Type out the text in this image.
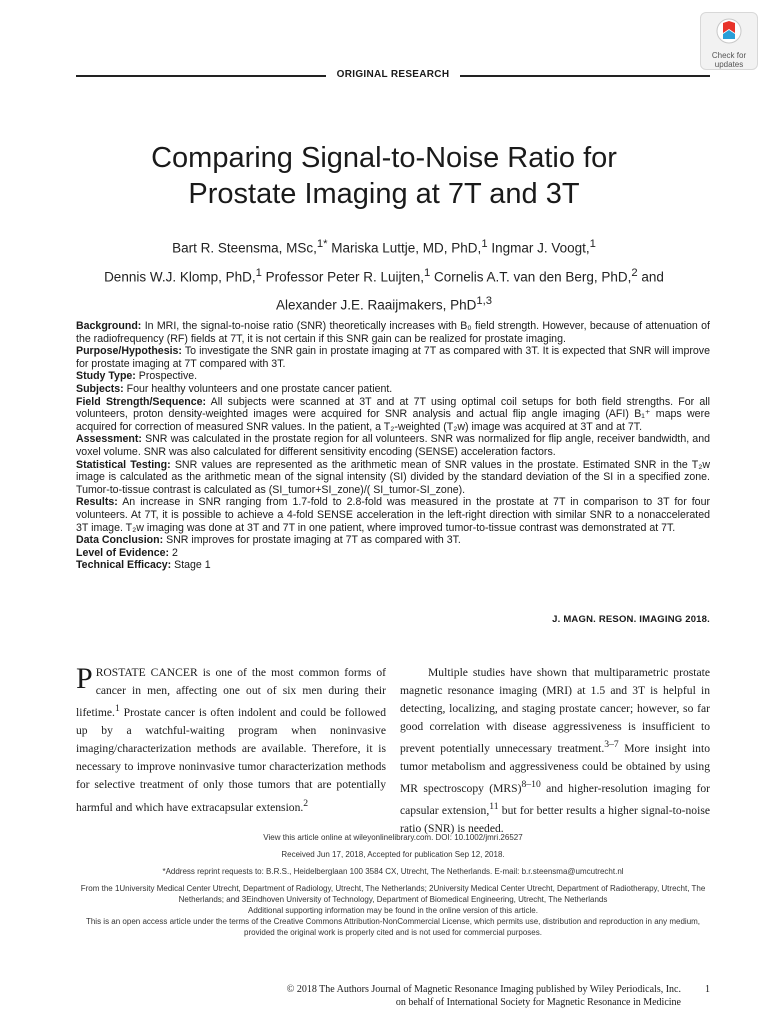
Check for updates
ORIGINAL RESEARCH
Comparing Signal-to-Noise Ratio for
Prostate Imaging at 7T and 3T
Bart R. Steensma, MSc,$^{1*}$ Mariska Luttje, MD, PhD,$^1$ Ingmar J. Voogt,$^1$
Dennis W.J. Klomp, PhD,$^1$ Professor Peter R. Luijten,$^1$ Cornelis A.T. van den Berg, PhD,$^2$ and
Alexander J.E. Raaijmakers, PhD$^{1,3}$

Background: In MRI, the signal-to-noise ratio (SNR) theoretically increases with B₀ field strength. However, because of attenuation of the radiofrequency (RF) fields at 7T, it is not certain if this SNR gain can be realized for prostate imaging.

Purpose/Hypothesis: To investigate the SNR gain in prostate imaging at 7T as compared with 3T. It is expected that SNR will improve for prostate imaging at 7T compared with 3T.

Study Type: Prospective.

Subjects: Four healthy volunteers and one prostate cancer patient.

Field Strength/Sequence: All subjects were scanned at 3T and at 7T using optimal coil setups for both field strengths. For all volunteers, proton density-weighted images were acquired for SNR analysis and actual flip angle imaging (AFI) B₁⁺ maps were acquired for correction of measured SNR values. In the patient, a T₂-weighted (T₂w) image was acquired at 3T and at 7T.

Assessment: SNR was calculated in the prostate region for all volunteers. SNR was normalized for flip angle, receiver bandwidth, and voxel volume. SNR was also calculated for different sensitivity encoding (SENSE) acceleration factors.

Statistical Testing: SNR values are represented as the arithmetic mean of SNR values in the prostate. Estimated SNR in the T₂w image is calculated as the arithmetic mean of the signal intensity (SI) divided by the standard deviation of the SI in a specified zone. Tumor-to-tissue contrast is calculated as (SI_tumor+SI_zone)/( SI_tumor-SI_zone).

Results: An increase in SNR ranging from 1.7-fold to 2.8-fold was measured in the prostate at 7T in comparison to 3T for four volunteers. At 7T, it is possible to achieve a 4-fold SENSE acceleration in the left-right direction with similar SNR to a nonaccelerated 3T image. T₂w imaging was done at 3T and 7T in one patient, where improved tumor-to-tissue contrast was demonstrated at 7T.

Data Conclusion: SNR improves for prostate imaging at 7T as compared with 3T.

Level of Evidence: 2

Technical Efficacy: Stage 1

J. MAGN. RESON. IMAGING 2018.

PROSTATE CANCER is one of the most common forms of cancer in men, affecting one out of six men during their lifetime.$^1$ Prostate cancer is often indolent and could be followed up by a watchful-waiting program when noninvasive imaging/characterization methods are available. Therefore, it is necessary to improve noninvasive tumor characterization methods for selective treatment of only those tumors that are potentially harmful and which have extracapsular extension.$^2$

Multiple studies have shown that multiparametric prostate magnetic resonance imaging (MRI) at 1.5 and 3T is helpful in detecting, localizing, and staging prostate cancer; however, so far good correlation with disease aggressiveness is insufficient to prevent potentially unnecessary treatment.$^{3-7}$ More insight into tumor metabolism and aggressiveness could be obtained by using MR spectroscopy (MRS)$^{8-10}$ and higher-resolution imaging for capsular extension,$^{11}$ but for better results a higher signal-to-noise ratio (SNR) is needed.

View this article online at wileyonlinelibrary.com. DOI: 10.1002/jmri.26527

Received Jun 17, 2018, Accepted for publication Sep 12, 2018.

*Address reprint requests to: B.R.S., Heidelberglaan 100 3584 CX, Utrecht, The Netherlands. E-mail: b.r.steensma@umcutrecht.nl

From the 1University Medical Center Utrecht, Department of Radiology, Utrecht, The Netherlands; 2University Medical Center Utrecht, Department of Radiotherapy, Utrecht, The Netherlands; and 3Eindhoven University of Technology, Department of Biomedical Engineering, Utrecht, The Netherlands

Additional supporting information may be found in the online version of this article.

This is an open access article under the terms of the Creative Commons Attribution-NonCommercial License, which permits use, distribution and reproduction in any medium, provided the original work is properly cited and is not used for commercial purposes.

© 2018 The Authors Journal of Magnetic Resonance Imaging published by Wiley Periodicals, Inc. 1
on behalf of International Society for Magnetic Resonance in Medicine
